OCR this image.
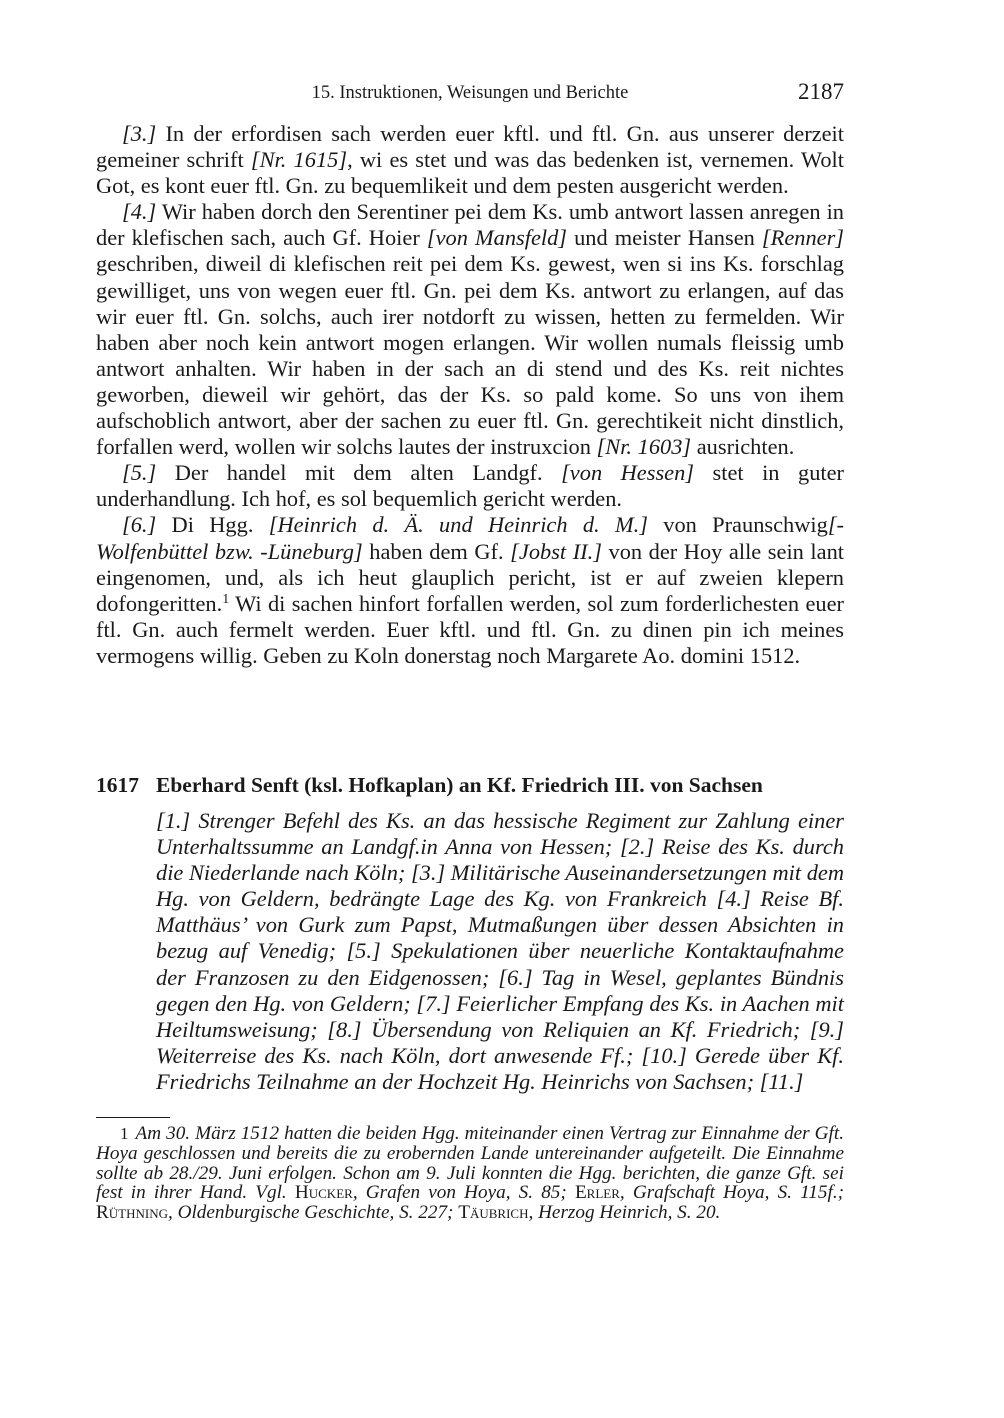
15. Instruktionen, Weisungen und Berichte	2187

[3.] In der erfordisen sach werden euer kftl. und ftl. Gn. aus unserer derzeit gemeiner schrift [Nr. 1615], wi es stet und was das bedenken ist, vernemen. Wolt Got, es kont euer ftl. Gn. zu bequemlikeit und dem pesten ausgericht werden.

[4.] Wir haben dorch den Serentiner pei dem Ks. umb antwort lassen anregen in der klefischen sach, auch Gf. Hoier [von Mansfeld] und meister Hansen [Renner] geschriben, diweil di klefischen reit pei dem Ks. gewest, wen si ins Ks. forschlag gewilliget, uns von wegen euer ftl. Gn. pei dem Ks. antwort zu erlangen, auf das wir euer ftl. Gn. solchs, auch irer notdorft zu wissen, hetten zu fermelden. Wir haben aber noch kein antwort mogen erlangen. Wir wollen numals fleissig umb antwort anhalten. Wir haben in der sach an di stend und des Ks. reit nichtes geworben, dieweil wir gehört, das der Ks. so pald kome. So uns von ihem aufschoblich antwort, aber der sachen zu euer ftl. Gn. gerechtikeit nicht dinstlich, forfallen werd, wollen wir solchs lautes der instruxcion [Nr. 1603] ausrichten.

[5.] Der handel mit dem alten Landgf. [von Hessen] stet in guter underhandlung. Ich hof, es sol bequemlich gericht werden.

[6.] Di Hgg. [Heinrich d. Ä. und Heinrich d. M.] von Praunschwig[-Wolfenbüttel bzw. -Lüneburg] haben dem Gf. [Jobst II.] von der Hoy alle sein lant eingenomen, und, als ich heut glauplich pericht, ist er auf zweien klepern dofongeritten.$^1$ Wi di sachen hinfort forfallen werden, sol zum forderlichesten euer ftl. Gn. auch fermelt werden. Euer kftl. und ftl. Gn. zu dinen pin ich meines vermogens willig. Geben zu Koln donerstag noch Margarete Ao. domini 1512.

1617 Eberhard Senft (ksl. Hofkaplan) an Kf. Friedrich III. von Sachsen

[1.] Strenger Befehl des Ks. an das hessische Regiment zur Zahlung einer Unterhaltssumme an Landgf.in Anna von Hessen; [2.] Reise des Ks. durch die Niederlande nach Köln; [3.] Militärische Auseinandersetzungen mit dem Hg. von Geldern, bedrängte Lage des Kg. von Frankreich [4.] Reise Bf. Matthäus’ von Gurk zum Papst, Mutmaßungen über dessen Absichten in bezug auf Venedig; [5.] Spekulationen über neuerliche Kontaktaufnahme der Franzosen zu den Eidgenossen; [6.] Tag in Wesel, geplantes Bündnis gegen den Hg. von Geldern; [7.] Feierlicher Empfang des Ks. in Aachen mit Heiltumsweisung; [8.] Übersendung von Reliquien an Kf. Friedrich; [9.] Weiterreise des Ks. nach Köln, dort anwesende Ff.; [10.] Gerede über Kf. Friedrichs Teilnahme an der Hochzeit Hg. Heinrichs von Sachsen; [11.]

1 Am 30. März 1512 hatten die beiden Hgg. miteinander einen Vertrag zur Einnahme der Gft. Hoya geschlossen und bereits die zu erobernden Lande untereinander aufgeteilt. Die Einnahme sollte ab 28./29. Juni erfolgen. Schon am 9. Juli konnten die Hgg. berichten, die ganze Gft. sei fest in ihrer Hand. Vgl. Hucker, Grafen von Hoya, S. 85; Erler, Grafschaft Hoya, S. 115f.; Rüthning, Oldenburgische Geschichte, S. 227; Täubrich, Herzog Heinrich, S. 20.
